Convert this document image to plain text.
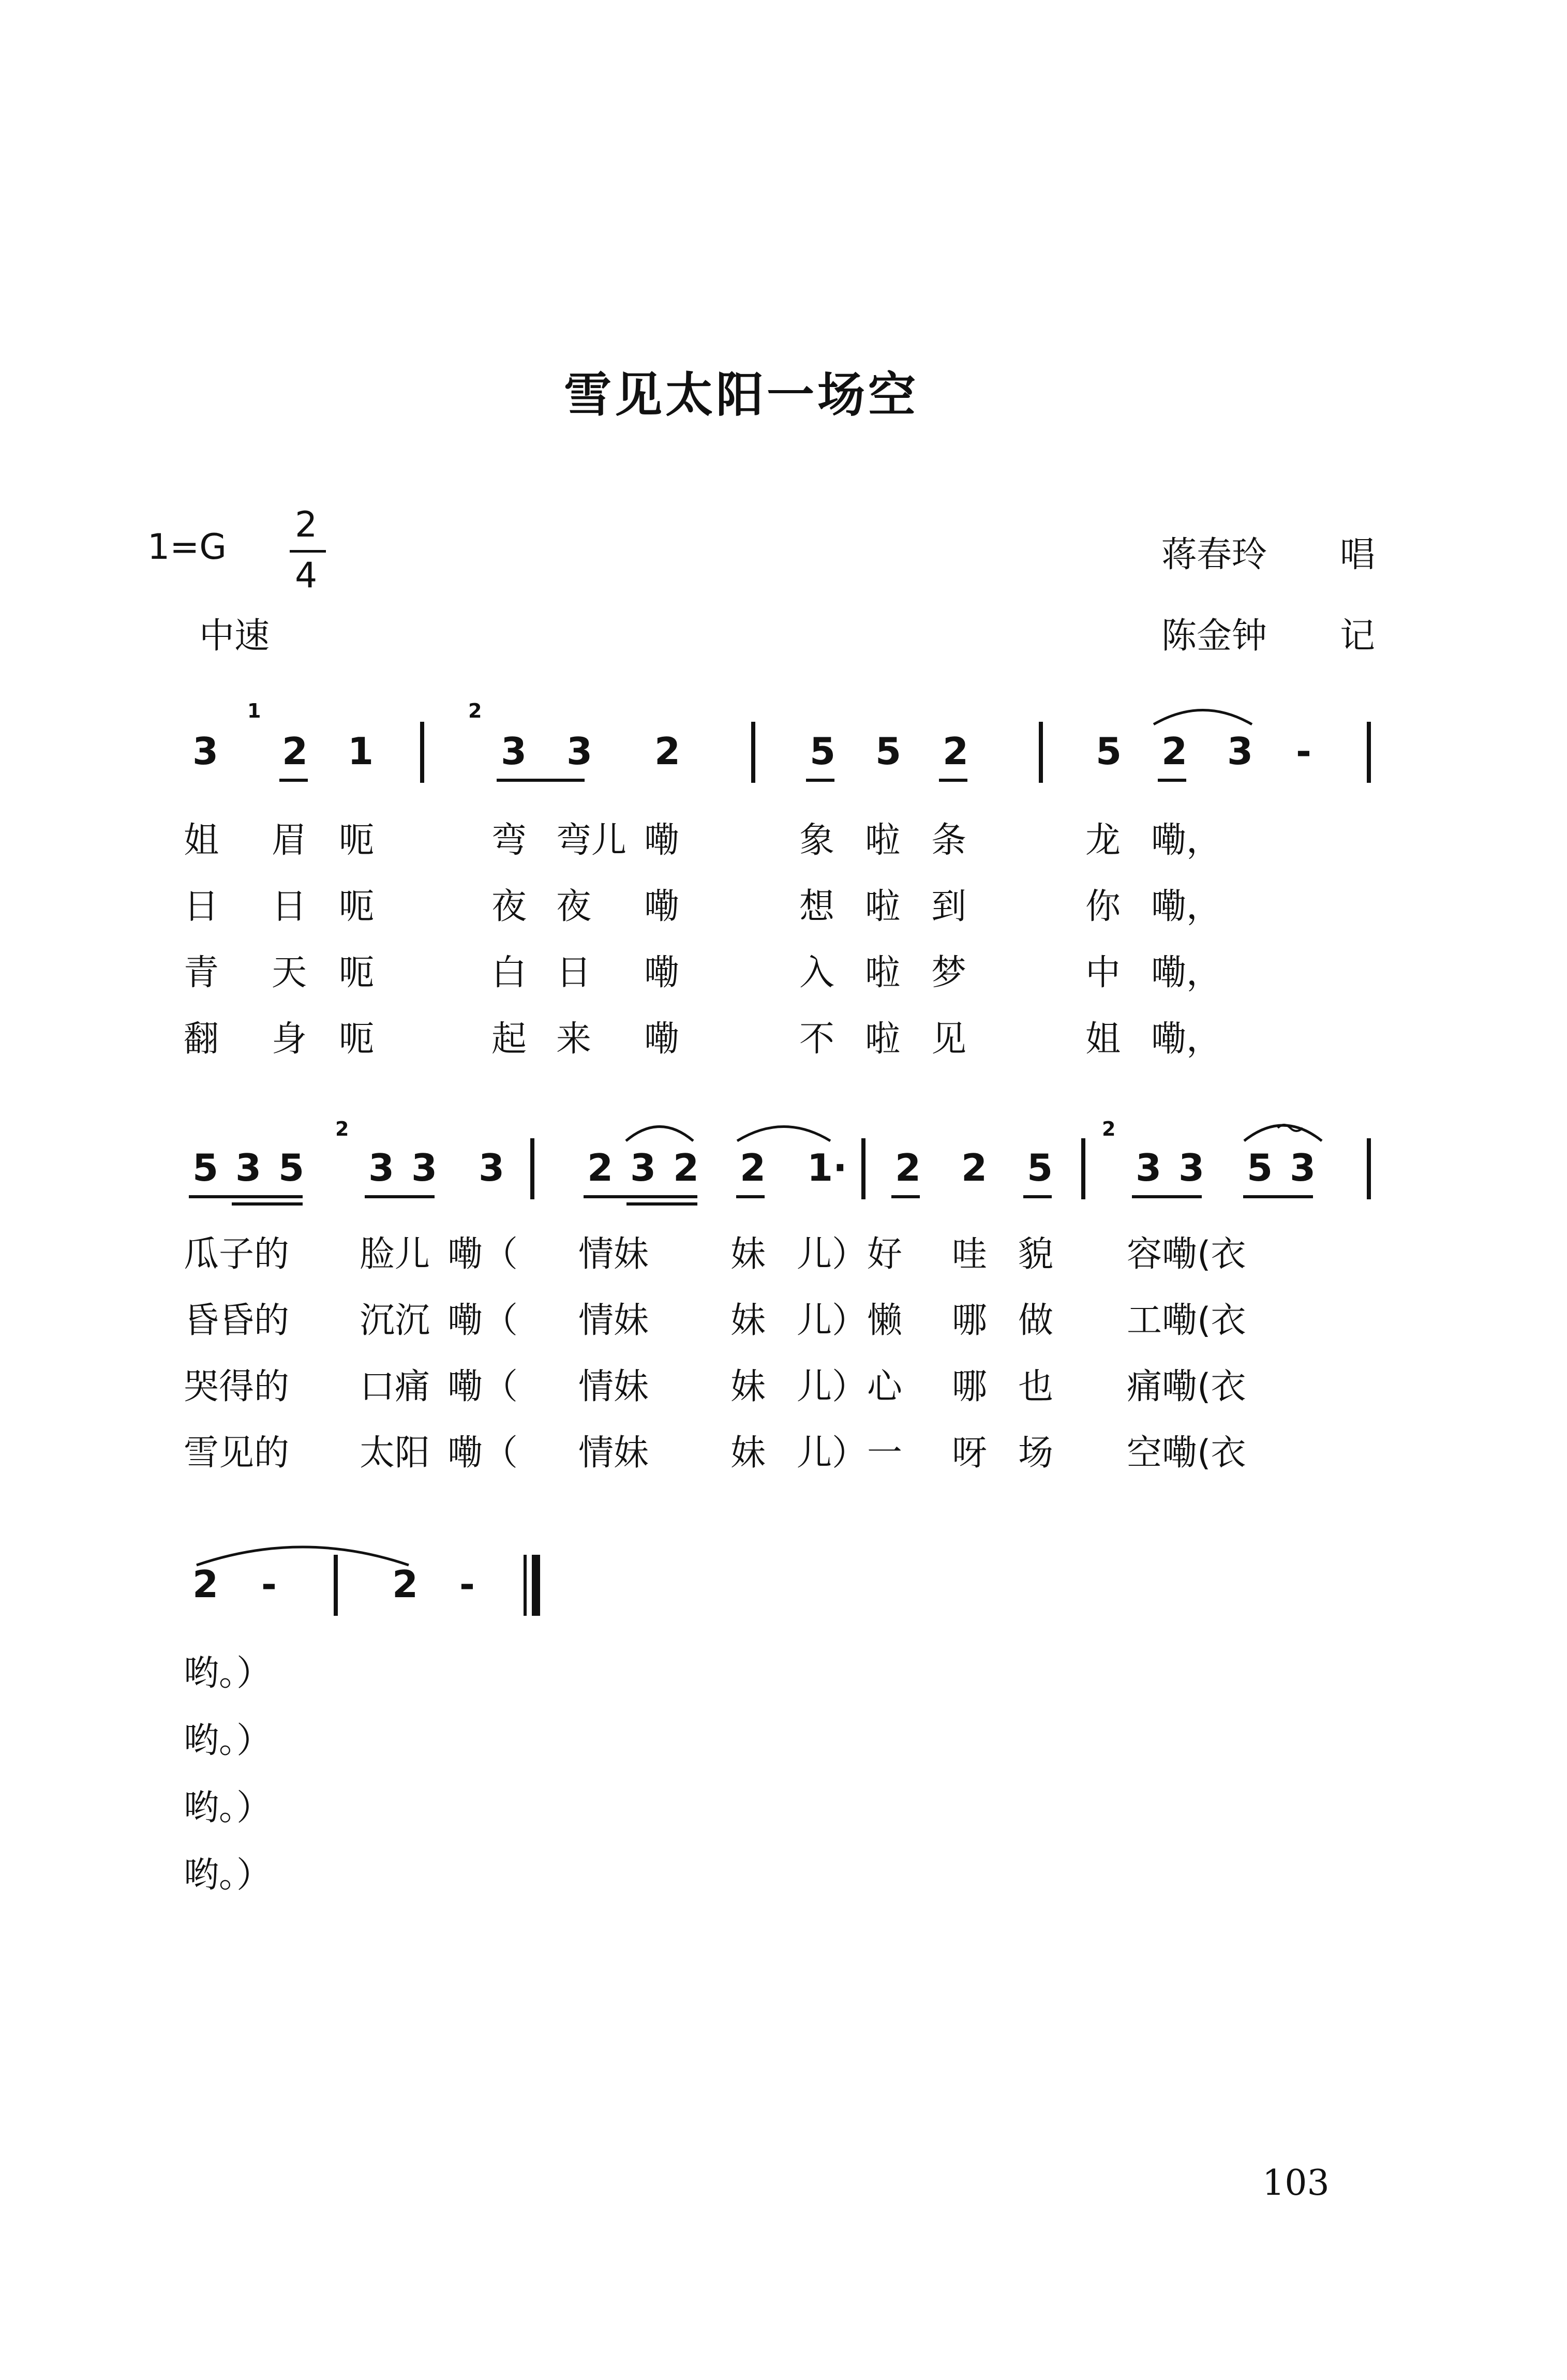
雪见太阳一场空
1=G
2
4
中速
蒋春玲 唱
陈金钟 记
1	2
3 2 1	3 3 2	5 5 2	5 2 3 -
姐 眉 呃	弯 弯儿 嘞	象 啦 条	龙 嘞，
日 日 呃	夜 夜 嘞	想 啦 到	你 嘞，
青 天 呃	白 日 嘞	入 啦 梦	中 嘞，
翻 身 呃	起 来 嘞	不 啦 见	姐 嘞，
2	2
5 3 5 3 3 3 2 3 2 2 1· 2 2 5 3 3 5 3
瓜子的 脸儿 嘞（ 情妹 妹 儿）好 哇 貌 容嘞(衣
昏昏的 沉沉 嘞（ 情妹 妹 儿）懒 哪 做 工嘞(衣
哭得的 口痛 嘞（ 情妹 妹 儿）心 哪 也 痛嘞(衣
雪见的 太阳 嘞（ 情妹 妹 儿）一 呀 场 空嘞(衣
2 -	2 -
哟。）
哟。）
哟。）
哟。）
103
